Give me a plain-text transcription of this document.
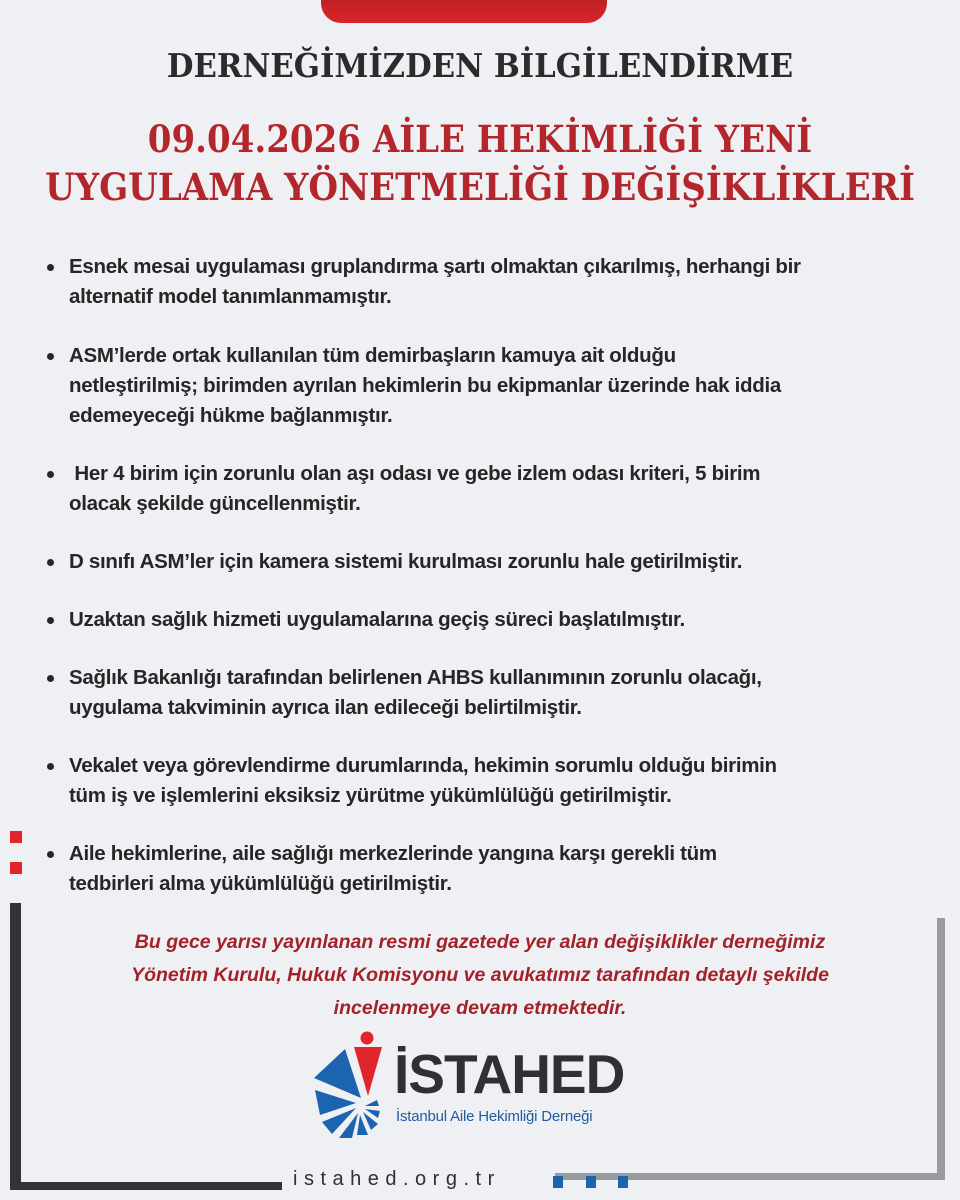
DERNEĞİMİZDEN BİLGİLENDİRME
09.04.2026 AİLE HEKİMLİĞİ YENİ
UYGULAMA YÖNETMELİĞİ DEĞİŞİKLİKLERİ
Esnek mesai uygulaması gruplandırma şartı olmaktan çıkarılmış, herhangi bir
alternatif model tanımlanmamıştır.
ASM’lerde ortak kullanılan tüm demirbaşların kamuya ait olduğu
netleştirilmiş; birimden ayrılan hekimlerin bu ekipmanlar üzerinde hak iddia
edemeyeceği hükme bağlanmıştır.
Her 4 birim için zorunlu olan aşı odası ve gebe izlem odası kriteri, 5 birim
olacak şekilde güncellenmiştir.
D sınıfı ASM’ler için kamera sistemi kurulması zorunlu hale getirilmiştir.
Uzaktan sağlık hizmeti uygulamalarına geçiş süreci başlatılmıştır.
Sağlık Bakanlığı tarafından belirlenen AHBS kullanımının zorunlu olacağı,
uygulama takviminin ayrıca ilan edileceği belirtilmiştir.
Vekalet veya görevlendirme durumlarında, hekimin sorumlu olduğu birimin
tüm iş ve işlemlerini eksiksiz yürütme yükümlülüğü getirilmiştir.
Aile hekimlerine, aile sağlığı merkezlerinde yangına karşı gerekli tüm
tedbirleri alma yükümlülüğü getirilmiştir.
Bu gece yarısı yayınlanan resmi gazetede yer alan değişiklikler derneğimiz
Yönetim Kurulu, Hukuk Komisyonu ve avukatımız tarafından detaylı şekilde
incelenmeye devam etmektedir.
İSTAHED
İstanbul Aile Hekimliği Derneği
istahed.org.tr
